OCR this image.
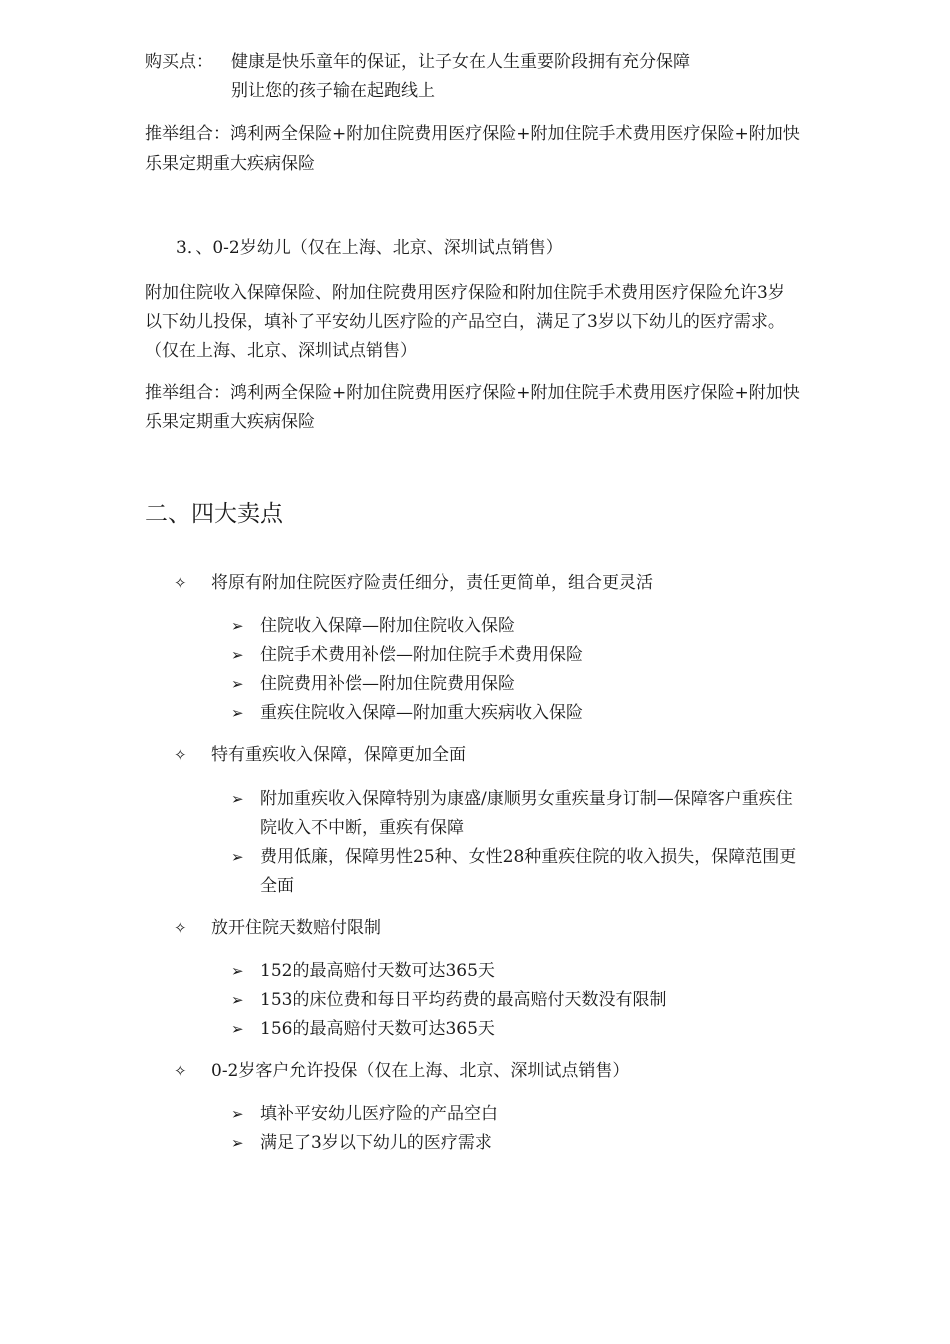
购买点： 健康是快乐童年的保证，让子女在人生重要阶段拥有充分保障
别让您的孩子输在起跑线上
推举组合：鸿利两全保险+附加住院费用医疗保险+附加住院手术费用医疗保险+附加快
乐果定期重大疾病保险
3．、0-2岁幼儿（仅在上海、北京、深圳试点销售）
附加住院收入保障保险、附加住院费用医疗保险和附加住院手术费用医疗保险允许3岁
以下幼儿投保，填补了平安幼儿医疗险的产品空白，满足了3岁以下幼儿的医疗需求。
（仅在上海、北京、深圳试点销售）
推举组合：鸿利两全保险+附加住院费用医疗保险+附加住院手术费用医疗保险+附加快
乐果定期重大疾病保险
二、四大卖点
✧ 将原有附加住院医疗险责任细分，责任更简单，组合更灵活
➢ 住院收入保障—附加住院收入保险
➢ 住院手术费用补偿—附加住院手术费用保险
➢ 住院费用补偿—附加住院费用保险
➢ 重疾住院收入保障—附加重大疾病收入保险
✧ 特有重疾收入保障，保障更加全面
➢ 附加重疾收入保障特别为康盛/康顺男女重疾量身订制—保障客户重疾住
院收入不中断，重疾有保障
➢ 费用低廉，保障男性25种、女性28种重疾住院的收入损失，保障范围更
全面
✧ 放开住院天数赔付限制
➢ 152的最高赔付天数可达365天
➢ 153的床位费和每日平均药费的最高赔付天数没有限制
➢ 156的最高赔付天数可达365天
✧ 0-2岁客户允许投保（仅在上海、北京、深圳试点销售）
➢ 填补平安幼儿医疗险的产品空白
➢ 满足了3岁以下幼儿的医疗需求
